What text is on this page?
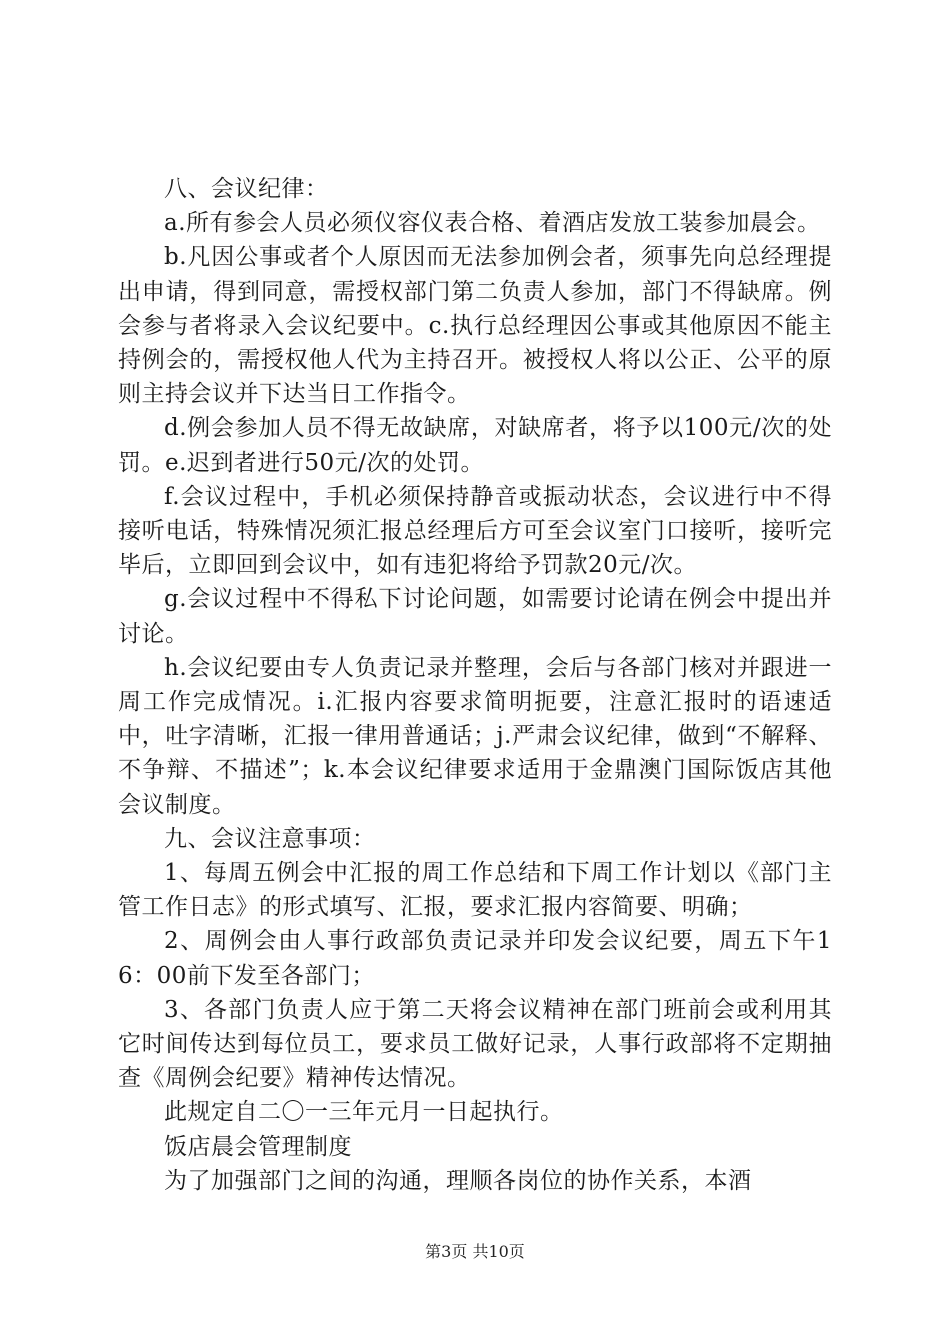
八、会议纪律：

a.所有参会人员必须仪容仪表合格、着酒店发放工装参加晨会。

b.凡因公事或者个人原因而无法参加例会者，须事先向总经理提出申请，得到同意，需授权部门第二负责人参加，部门不得缺席。例会参与者将录入会议纪要中。c.执行总经理因公事或其他原因不能主持例会的，需授权他人代为主持召开。被授权人将以公正、公平的原则主持会议并下达当日工作指令。

d.例会参加人员不得无故缺席，对缺席者，将予以100元/次的处罚。e.迟到者进行50元/次的处罚。

f.会议过程中，手机必须保持静音或振动状态，会议进行中不得接听电话，特殊情况须汇报总经理后方可至会议室门口接听，接听完毕后，立即回到会议中，如有违犯将给予罚款20元/次。

g.会议过程中不得私下讨论问题，如需要讨论请在例会中提出并讨论。

h.会议纪要由专人负责记录并整理，会后与各部门核对并跟进一周工作完成情况。i.汇报内容要求简明扼要，注意汇报时的语速适中，吐字清晰，汇报一律用普通话；j.严肃会议纪律，做到“不解释、不争辩、不描述”；k.本会议纪律要求适用于金鼎澳门国际饭店其他会议制度。

九、会议注意事项：

1、每周五例会中汇报的周工作总结和下周工作计划以《部门主管工作日志》的形式填写、汇报，要求汇报内容简要、明确；

2、周例会由人事行政部负责记录并印发会议纪要，周五下午16：00前下发至各部门；

3、各部门负责人应于第二天将会议精神在部门班前会或利用其它时间传达到每位员工，要求员工做好记录，人事行政部将不定期抽查《周例会纪要》精神传达情况。

此规定自二〇一三年元月一日起执行。

饭店晨会管理制度

为了加强部门之间的沟通，理顺各岗位的协作关系，本酒

第3页 共10页
